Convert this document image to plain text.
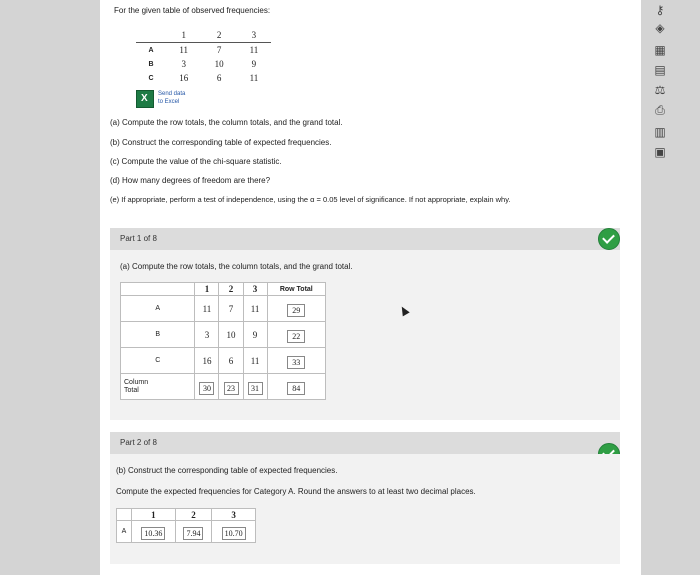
For the given table of observed frequencies:
	1	2	3
A	11	7	11
B	3	10	9
C	16	6	11
X
Send data
to Excel
(a) Compute the row totals, the column totals, and the grand total.
(b) Construct the corresponding table of expected frequencies.
(c) Compute the value of the chi-square statistic.
(d) How many degrees of freedom are there?
(e) If appropriate, perform a test of independence, using the α = 0.05 level of significance. If not appropriate, explain why.
Part 1 of 8
(a) Compute the row totals, the column totals, and the grand total.
	1	2	3	Row Total
A	11	7	11	29
B	3	10	9	22
C	16	6	11	33
Column
Total	30	23	31	84
Part 2 of 8
(b) Construct the corresponding table of expected frequencies.
Compute the expected frequencies for Category A. Round the answers to at least two decimal places.
	1	2	3
A	10.36	7.94	10.70
⚷
◈
▦
▤
⚖
⎙
▥
▣
